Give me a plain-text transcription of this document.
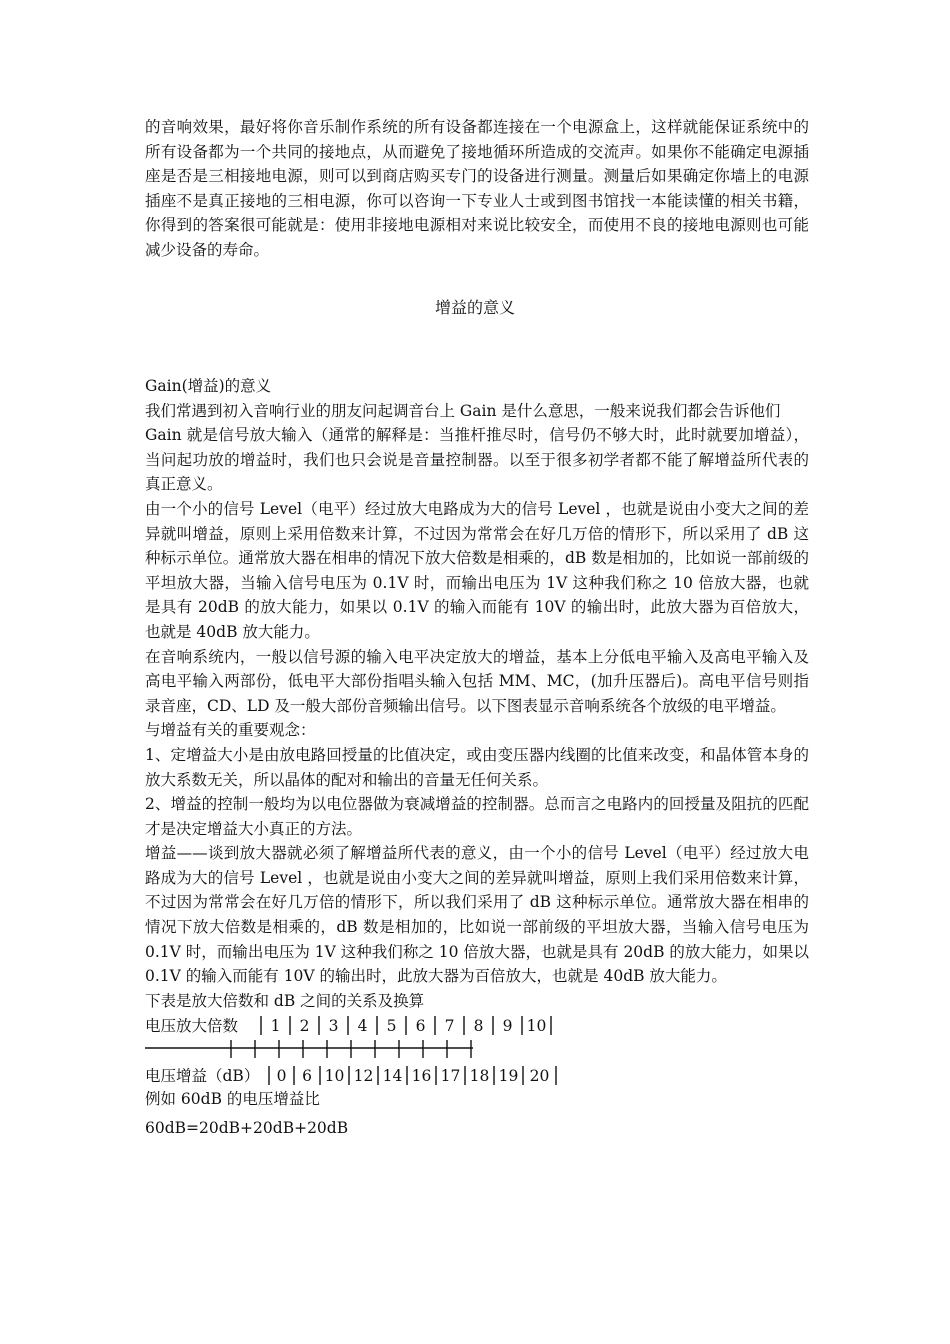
的音响效果，最好将你音乐制作系统的所有设备都连接在一个电源盒上，这样就能保证系统中的所有设备都为一个共同的接地点，从而避免了接地循环所造成的交流声。如果你不能确定电源插座是否是三相接地电源，则可以到商店购买专门的设备进行测量。测量后如果确定你墙上的电源插座不是真正接地的三相电源，你可以咨询一下专业人士或到图书馆找一本能读懂的相关书籍，你得到的答案很可能就是：使用非接地电源相对来说比较安全，而使用不良的接地电源则也可能减少设备的寿命。

增益的意义

Gain(增益)的意义

我们常遇到初入音响行业的朋友问起调音台上 Gain 是什么意思，一般来说我们都会告诉他们

Gain 就是信号放大输入（通常的解释是：当推杆推尽时，信号仍不够大时，此时就要加增益），当问起功放的增益时，我们也只会说是音量控制器。以至于很多初学者都不能了解增益所代表的真正意义。

由一个小的信号 Level（电平）经过放大电路成为大的信号 Level ，也就是说由小变大之间的差异就叫增益，原则上采用倍数来计算，不过因为常常会在好几万倍的情形下，所以采用了 dB 这种标示单位。通常放大器在相串的情况下放大倍数是相乘的，dB 数是相加的，比如说一部前级的平坦放大器，当输入信号电压为 0.1V 时，而输出电压为 1V 这种我们称之 10 倍放大器，也就是具有 20dB 的放大能力，如果以 0.1V 的输入而能有 10V 的输出时，此放大器为百倍放大，也就是 40dB 放大能力。

在音响系统内，一般以信号源的输入电平决定放大的增益，基本上分低电平输入及高电平输入及高电平输入两部份，低电平大部份指唱头输入包括 MM、MC，(加升压器后)。高电平信号则指录音座，CD、LD 及一般大部份音频输出信号。以下图表显示音响系统各个放级的电平增益。

与增益有关的重要观念：

1、定增益大小是由放电路回授量的比值决定，或由变压器内线圈的比值来改变，和晶体管本身的放大系数无关，所以晶体的配对和输出的音量无任何关系。

2、增益的控制一般均为以电位器做为衰减增益的控制器。总而言之电路内的回授量及阻抗的匹配才是决定增益大小真正的方法。

增益——谈到放大器就必须了解增益所代表的意义，由一个小的信号 Level（电平）经过放大电路成为大的信号 Level ，也就是说由小变大之间的差异就叫增益，原则上我们采用倍数来计算，不过因为常常会在好几万倍的情形下，所以我们采用了 dB 这种标示单位。通常放大器在相串的情况下放大倍数是相乘的，dB 数是相加的，比如说一部前级的平坦放大器，当输入信号电压为 0.1V 时，而输出电压为 1V 这种我们称之 10 倍放大器，也就是具有 20dB 的放大能力，如果以 0.1V 的输入而能有 10V 的输出时，此放大器为百倍放大，也就是 40dB 放大能力。

下表是放大倍数和 dB 之间的关系及换算

电压放大倍数 1 2 3 4 5 6 7 8 9 10
电压增益（dB） 0 6 10 12 14 16 17 18 19 20

例如 60dB 的电压增益比

60dB=20dB+20dB+20dB
